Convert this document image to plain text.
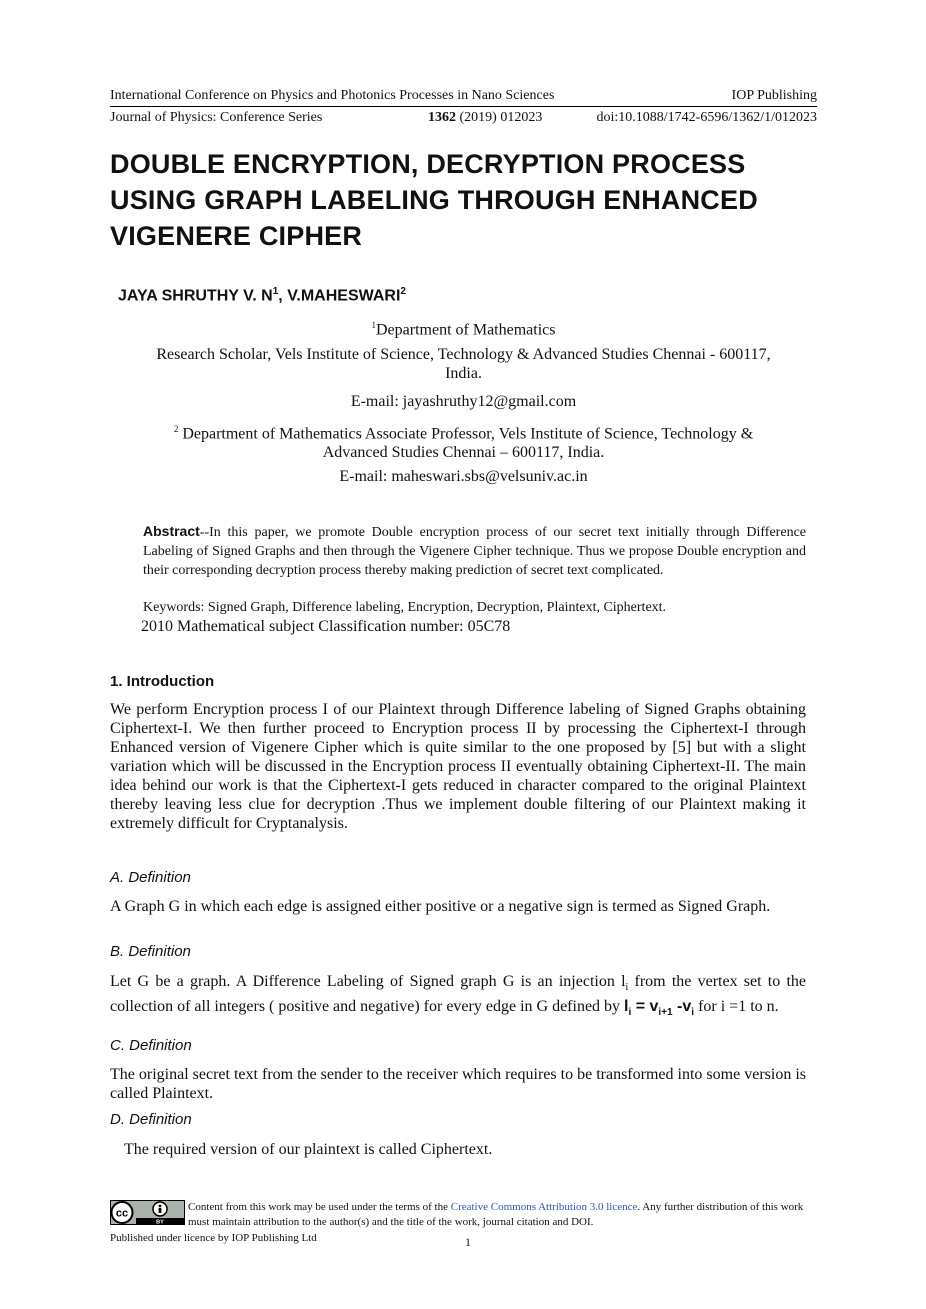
International Conference on Physics and Photonics Processes in Nano Sciences	IOP Publishing
Journal of Physics: Conference Series	1362 (2019) 012023	doi:10.1088/1742-6596/1362/1/012023
DOUBLE ENCRYPTION, DECRYPTION PROCESS
USING GRAPH LABELING THROUGH ENHANCED
VIGENERE CIPHER
JAYA SHRUTHY V. $N^1$, V.MAHESWARI$^2$
$^1$Department of Mathematics
Research Scholar, Vels Institute of Science, Technology & Advanced Studies Chennai - 600117,
India.
E-mail: jayashruthy12@gmail.com
$^2$ Department of Mathematics Associate Professor, Vels Institute of Science, Technology &
Advanced Studies Chennai – 600117, India.
E-mail: maheswari.sbs@velsuniv.ac.in
Abstract--In this paper, we promote Double encryption process of our secret text initially through Difference Labeling of Signed Graphs and then through the Vigenere Cipher technique. Thus we propose Double encryption and their corresponding decryption process thereby making prediction of secret text complicated.
Keywords: Signed Graph, Difference labeling, Encryption, Decryption, Plaintext, Ciphertext.
2010 Mathematical subject Classification number: 05C78
1. Introduction
We perform Encryption process I of our Plaintext through Difference labeling of Signed Graphs obtaining Ciphertext-I. We then further proceed to Encryption process II by processing the Ciphertext-I through Enhanced version of Vigenere Cipher which is quite similar to the one proposed by [5] but with a slight variation which will be discussed in the Encryption process II eventually obtaining Ciphertext-II. The main idea behind our work is that the Ciphertext-I gets reduced in character compared to the original Plaintext thereby leaving less clue for decryption .Thus we implement double filtering of our Plaintext making it extremely difficult for Cryptanalysis.
A. Definition
A Graph G in which each edge is assigned either positive or a negative sign is termed as Signed Graph.
B. Definition
Let G be a graph. A Difference Labeling of Signed graph G is an injection $l_i$ from the vertex set to the collection of all integers ( positive and negative) for every edge in G defined by $l_i = v_{i+1}$ $-v_i$ for i =1 to n.
C. Definition
The original secret text from the sender to the receiver which requires to be transformed into some version is called Plaintext.
D. Definition
The required version of our plaintext is called Ciphertext.
cc
BY
Content from this work may be used under the terms of the Creative Commons Attribution 3.0 licence. Any further distribution of this work must maintain attribution to the author(s) and the title of the work, journal citation and DOI.
Published under licence by IOP Publishing Ltd	1
